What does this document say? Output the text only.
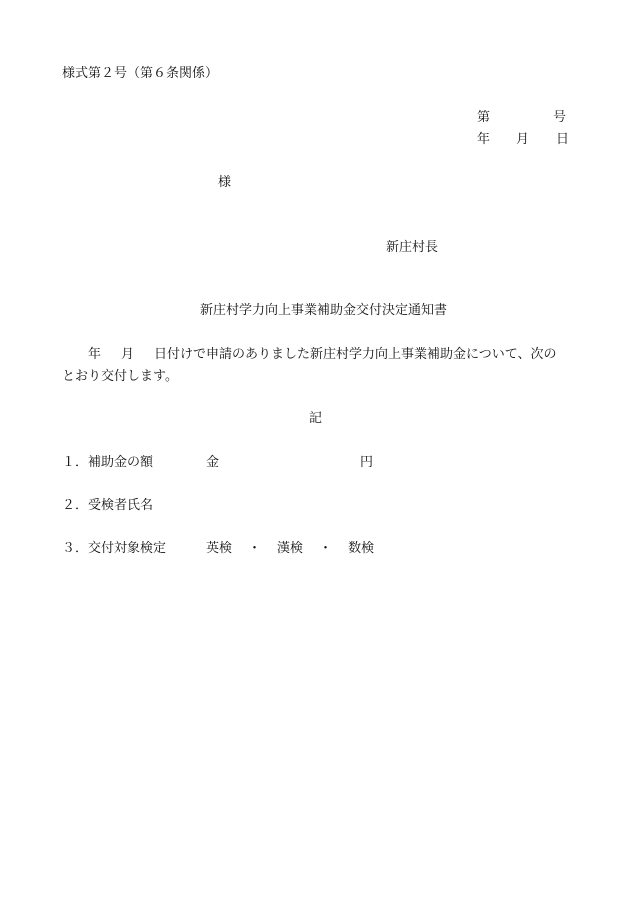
様式第２号（第６条関係）
第	号
年 月 日
様
新庄村長
新庄村学力向上事業補助金交付決定通知書
年 月 日付けで申請のありました新庄村学力向上事業補助金について、次の
とおり交付します。
記
１．補助金の額	金	円
２．受検者氏名
３．交付対象検定	英検 ・ 漢検 ・ 数検
